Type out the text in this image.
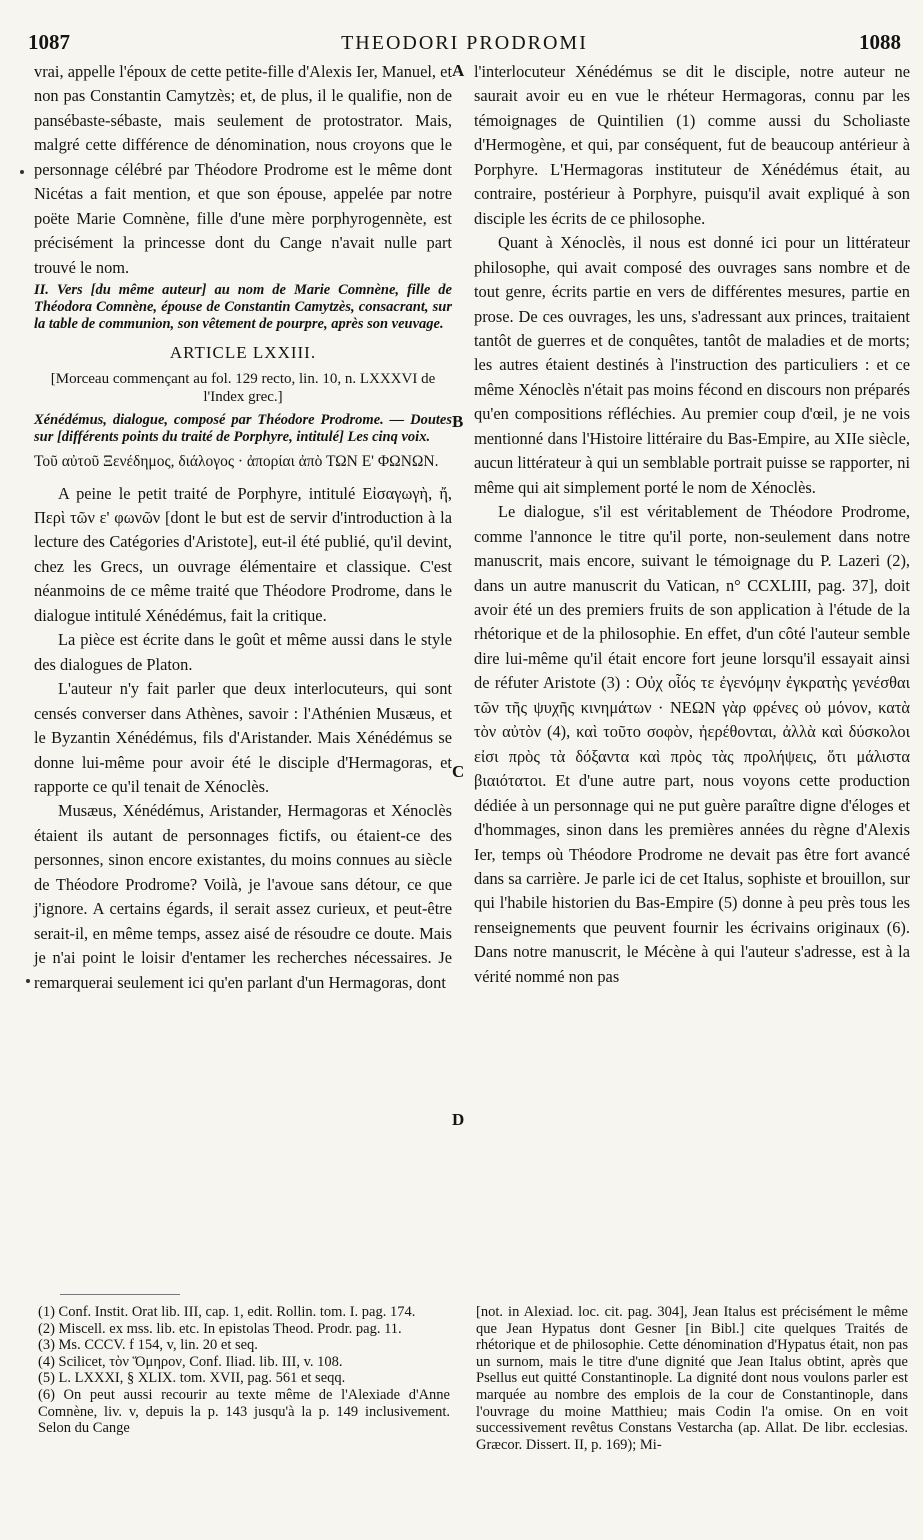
1087	THEODORI PRODROMI	1088

vrai, appelle l'époux de cette petite-fille d'Alexis Ier, Manuel, et non pas Constantin Camytzès; et, de plus, il le qualifie, non de pansébaste-sébaste, mais seulement de protostrator. Mais, malgré cette différence de dénomination, nous croyons que le personnage célébré par Théodore Prodrome est le même dont Nicétas a fait mention, et que son épouse, appelée par notre poëte Marie Comnène, fille d'une mère porphyrogennète, est précisément la princesse dont du Cange n'avait nulle part trouvé le nom.

II. Vers [du même auteur] au nom de Marie Comnène, fille de Théodora Comnène, épouse de Constantin Camytzès, consacrant, sur la table de communion, son vêtement de pourpre, après son veuvage.

ARTICLE LXXIII.

[Morceau commençant au fol. 129 recto, lin. 10, n. LXXXVI de l'Index grec.]

Xénédémus, dialogue, composé par Théodore Prodrome. — Doutes sur [différents points du traité de Porphyre, intitulé] Les cinq voix.

Τοῦ αὐτοῦ Ξενέδημος, διάλογος · ἀπορίαι ἀπὸ ΤΩΝ Ε' ΦΩΝΩΝ.

A peine le petit traité de Porphyre, intitulé Εἰσαγωγὴ, ἤ, Περὶ τῶν ε' φωνῶν [dont le but est de servir d'introduction à la lecture des Catégories d'Aristote], eut-il été publié, qu'il devint, chez les Grecs, un ouvrage élémentaire et classique. C'est néanmoins de ce même traité que Théodore Prodrome, dans le dialogue intitulé Xénédémus, fait la critique.

La pièce est écrite dans le goût et même aussi dans le style des dialogues de Platon.

L'auteur n'y fait parler que deux interlocuteurs, qui sont censés converser dans Athènes, savoir : l'Athénien Musæus, et le Byzantin Xénédémus, fils d'Aristander. Mais Xénédémus se donne lui-même pour avoir été le disciple d'Hermagoras, et rapporte ce qu'il tenait de Xénoclès.

Musæus, Xénédémus, Aristander, Hermagoras et Xénoclès étaient ils autant de personnages fictifs, ou étaient-ce des personnes, sinon encore existantes, du moins connues au siècle de Théodore Prodrome? Voilà, je l'avoue sans détour, ce que j'ignore. A certains égards, il serait assez curieux, et peut-être serait-il, en même temps, assez aisé de résoudre ce doute. Mais je n'ai point le loisir d'entamer les recherches nécessaires. Je remarquerai seulement ici qu'en parlant d'un Hermagoras, dont

A
B
C
D

l'interlocuteur Xénédémus se dit le disciple, notre auteur ne saurait avoir eu en vue le rhéteur Hermagoras, connu par les témoignages de Quintilien (1) comme aussi du Scholiaste d'Hermogène, et qui, par conséquent, fut de beaucoup antérieur à Porphyre. L'Hermagoras instituteur de Xénédémus était, au contraire, postérieur à Porphyre, puisqu'il avait expliqué à son disciple les écrits de ce philosophe.

Quant à Xénoclès, il nous est donné ici pour un littérateur philosophe, qui avait composé des ouvrages sans nombre et de tout genre, écrits partie en vers de différentes mesures, partie en prose. De ces ouvrages, les uns, s'adressant aux princes, traitaient tantôt de guerres et de conquêtes, tantôt de maladies et de morts; les autres étaient destinés à l'instruction des particuliers : et ce même Xénoclès n'était pas moins fécond en discours non préparés qu'en compositions réfléchies. Au premier coup d'œil, je ne vois mentionné dans l'Histoire littéraire du Bas-Empire, au XIIe siècle, aucun littérateur à qui un semblable portrait puisse se rapporter, ni même qui ait simplement porté le nom de Xénoclès.

Le dialogue, s'il est véritablement de Théodore Prodrome, comme l'annonce le titre qu'il porte, non-seulement dans notre manuscrit, mais encore, suivant le témoignage du P. Lazeri (2), dans un autre manuscrit du Vatican, n° CCXLIII, pag. 37], doit avoir été un des premiers fruits de son application à l'étude de la rhétorique et de la philosophie. En effet, d'un côté l'auteur semble dire lui-même qu'il était encore fort jeune lorsqu'il essayait ainsi de réfuter Aristote (3) : Οὐχ οἷός τε ἐγενόμην ἐγκρατὴς γενέσθαι τῶν τῆς ψυχῆς κινημάτων · ΝΕΩΝ γὰρ φρένες οὐ μόνον, κατὰ τὸν αὐτὸν (4), καὶ τοῦτο σοφὸν, ἠερέθονται, ἀλλὰ καὶ δύσκολοι εἰσι πρὸς τὰ δόξαντα καὶ πρὸς τὰς προλήψεις, ὅτι μάλιστα βιαιότατοι. Et d'une autre part, nous voyons cette production dédiée à un personnage qui ne put guère paraître digne d'éloges et d'hommages, sinon dans les premières années du règne d'Alexis Ier, temps où Théodore Prodrome ne devait pas être fort avancé dans sa carrière. Je parle ici de cet Italus, sophiste et brouillon, sur qui l'habile historien du Bas-Empire (5) donne à peu près tous les renseignements que peuvent fournir les écrivains originaux (6). Dans notre manuscrit, le Mécène à qui l'auteur s'adresse, est à la vérité nommé non pas

(1) Conf. Instit. Orat lib. III, cap. 1, edit. Rollin. tom. I. pag. 174.

(2) Miscell. ex mss. lib. etc. In epistolas Theod. Prodr. pag. 11.

(3) Ms. CCCV. f 154, v, lin. 20 et seq.

(4) Scilicet, τὸν Ὅμηρον, Conf. Iliad. lib. III, v. 108.

(5) L. LXXXI, § XLIX. tom. XVII, pag. 561 et seqq.

(6) On peut aussi recourir au texte même de l'Alexiade d'Anne Comnène, liv. v, depuis la p. 143 jusqu'à la p. 149 inclusivement. Selon du Cange

[not. in Alexiad. loc. cit. pag. 304], Jean Italus est précisément le même que Jean Hypatus dont Gesner [in Bibl.] cite quelques Traités de rhétorique et de philosophie. Cette dénomination d'Hypatus était, non pas un surnom, mais le titre d'une dignité que Jean Italus obtint, après que Psellus eut quitté Constantinople. La dignité dont nous voulons parler est marquée au nombre des emplois de la cour de Constantinople, dans l'ouvrage du moine Matthieu; mais Codin l'a omise. On en voit successivement revêtus Constans Vestarcha (ap. Allat. De libr. ecclesias. Græcor. Dissert. II, p. 169); Mi-
